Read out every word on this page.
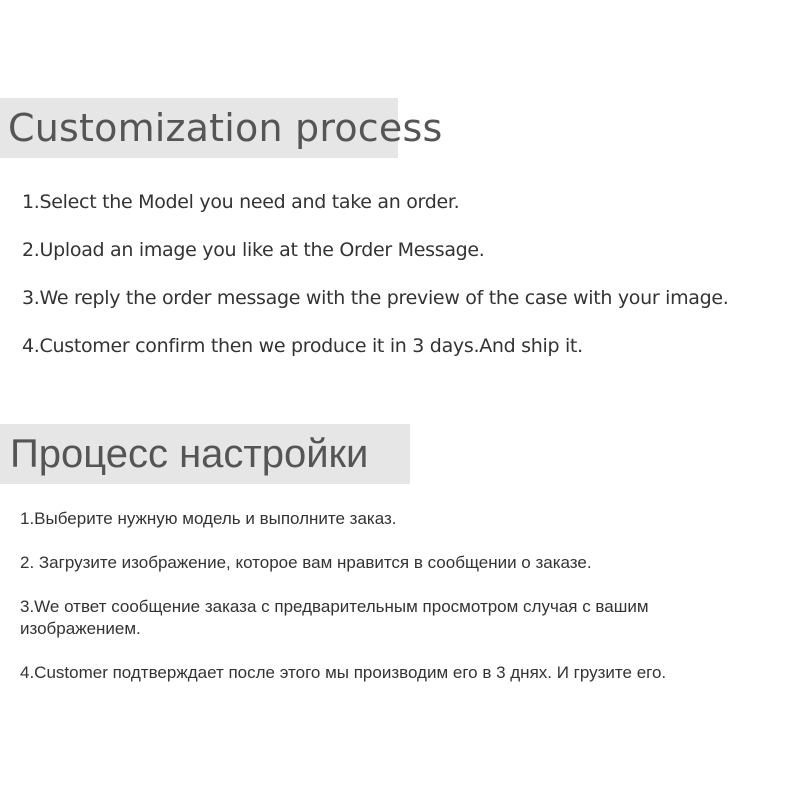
Customization process
1.Select the Model you need and take an order.
2.Upload an image you like at the Order Message.
3.We reply the order message with the preview of the case with your image.
4.Customer confirm then we produce it in 3 days.And ship it.
Процесс настройки
1.Выберите нужную модель и выполните заказ.
2. Загрузите изображение, которое вам нравится в сообщении о заказе.
3.We ответ сообщение заказа с предварительным просмотром случая с вашим изображением.
4.Customer подтверждает после этого мы производим его в 3 днях. И грузите его.
